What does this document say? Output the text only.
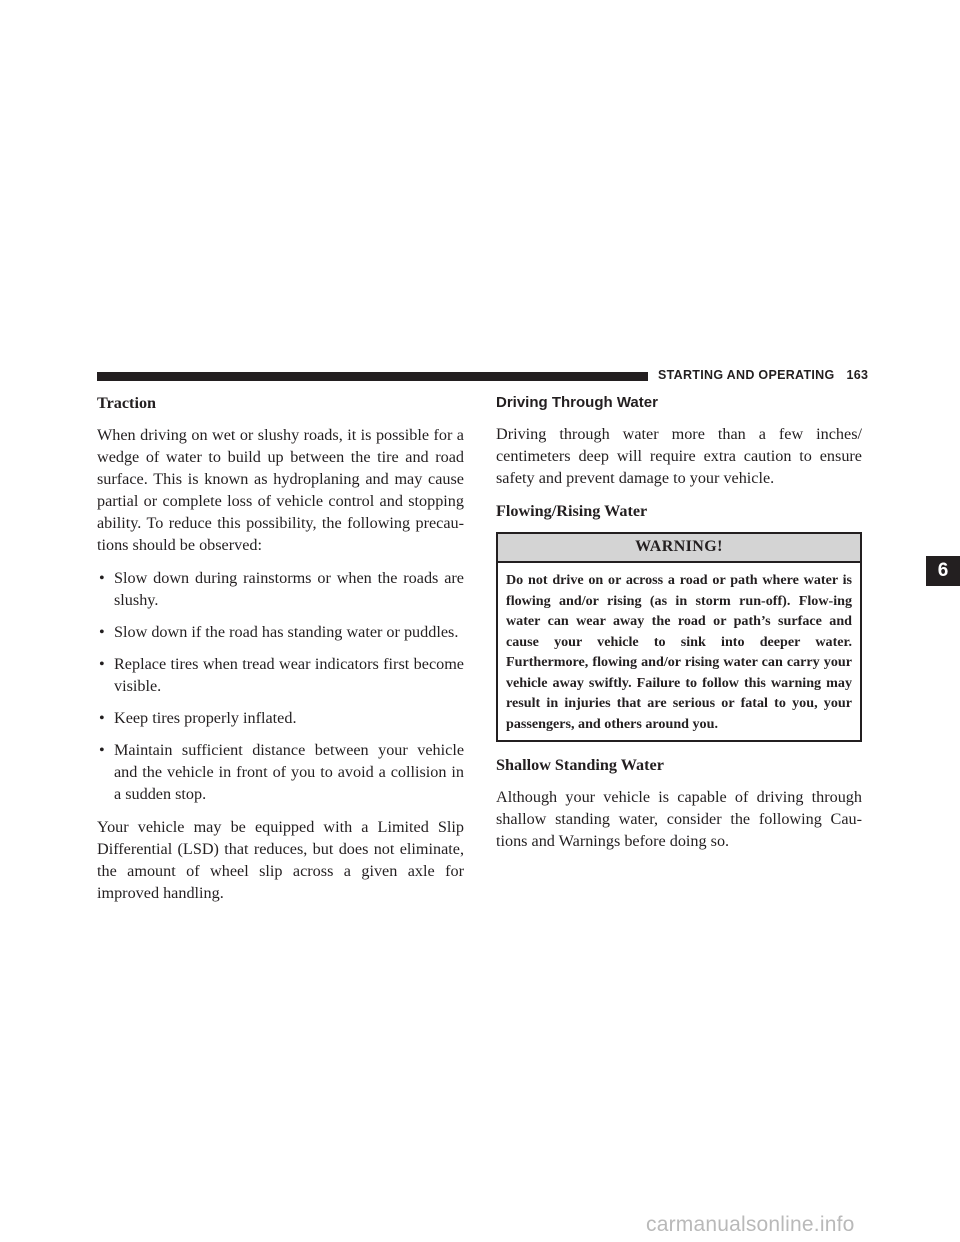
STARTING AND OPERATING 163
Traction

When driving on wet or slushy roads, it is possible for a wedge of water to build up between the tire and road surface. This is known as hydroplaning and may cause partial or complete loss of vehicle control and stopping ability. To reduce this possibility, the following precau-tions should be observed:

• Slow down during rainstorms or when the roads are slushy.
• Slow down if the road has standing water or puddles.
• Replace tires when tread wear indicators first become visible.
• Keep tires properly inflated.
• Maintain sufficient distance between your vehicle and the vehicle in front of you to avoid a collision in a sudden stop.

Your vehicle may be equipped with a Limited Slip Differential (LSD) that reduces, but does not eliminate, the amount of wheel slip across a given axle for improved handling.

Driving Through Water

Driving through water more than a few inches/ centimeters deep will require extra caution to ensure safety and prevent damage to your vehicle.

Flowing/Rising Water
WARNING!
Do not drive on or across a road or path where water is flowing and/or rising (as in storm run-off). Flow-ing water can wear away the road or path’s surface and cause your vehicle to sink into deeper water. Furthermore, flowing and/or rising water can carry your vehicle away swiftly. Failure to follow this warning may result in injuries that are serious or fatal to you, your passengers, and others around you.
Shallow Standing Water

Although your vehicle is capable of driving through shallow standing water, consider the following Cau-tions and Warnings before doing so.

6
carmanualsonline.info
